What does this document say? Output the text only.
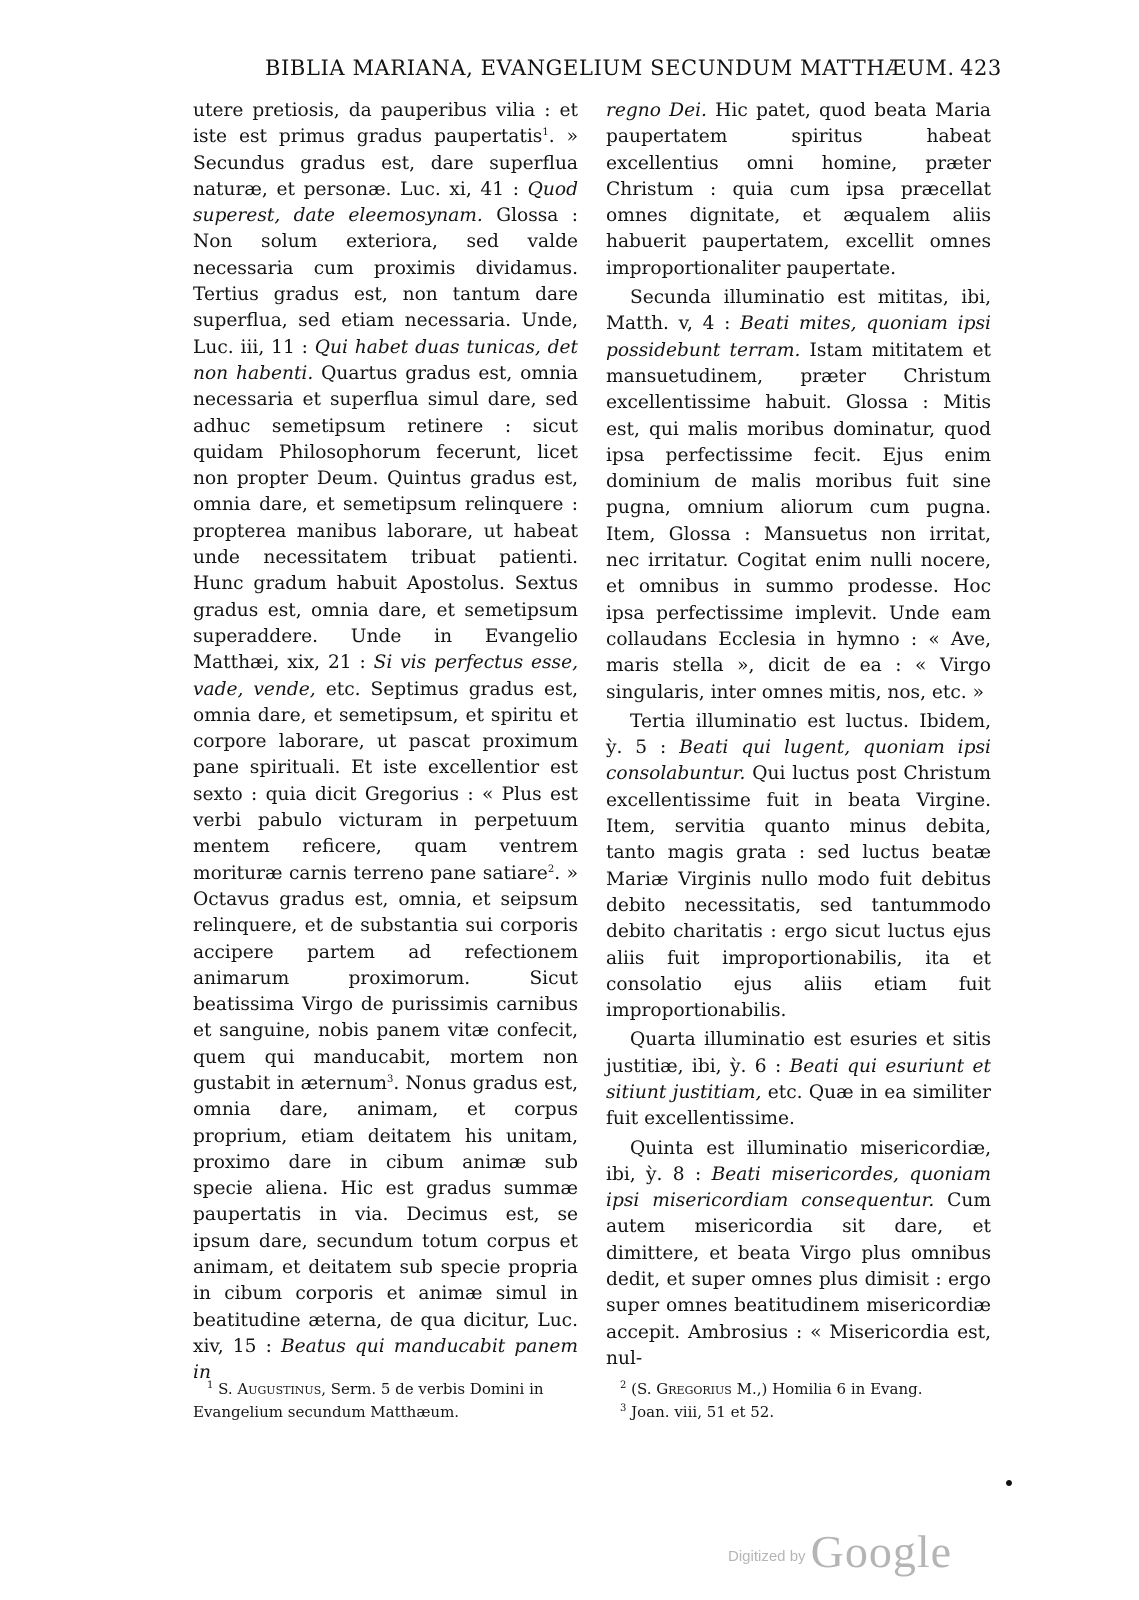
BIBLIA MARIANA, EVANGELIUM SECUNDUM MATTHÆUM. 423

utere pretiosis, da pauperibus vilia : et iste est primus gradus paupertatis$^1$. » Secundus gradus est, dare superflua naturæ, et personæ. Luc. xi, 41 : Quod superest, date eleemosynam. Glossa : Non solum exteriora, sed valde necessaria cum proximis dividamus. Tertius gradus est, non tantum dare superflua, sed etiam necessaria. Unde, Luc. iii, 11 : Qui habet duas tunicas, det non habenti. Quartus gradus est, omnia necessaria et superflua simul dare, sed adhuc semetipsum retinere : sicut quidam Philosophorum fecerunt, licet non propter Deum. Quintus gradus est, omnia dare, et semetipsum relinquere : propterea manibus laborare, ut habeat unde necessitatem tribuat patienti. Hunc gradum habuit Apostolus. Sextus gradus est, omnia dare, et semetipsum superaddere. Unde in Evangelio Matthæi, xix, 21 : Si vis perfectus esse, vade, vende, etc. Septimus gradus est, omnia dare, et semetipsum, et spiritu et corpore laborare, ut pascat proximum pane spirituali. Et iste excellentior est sexto : quia dicit Gregorius : « Plus est verbi pabulo victuram in perpetuum mentem reficere, quam ventrem morituræ carnis terreno pane satiare$^2$. » Octavus gradus est, omnia, et seipsum relinquere, et de substantia sui corporis accipere partem ad refectionem animarum proximorum. Sicut beatissima Virgo de purissimis carnibus et sanguine, nobis panem vitæ confecit, quem qui manducabit, mortem non gustabit in æternum$^3$. Nonus gradus est, omnia dare, animam, et corpus proprium, etiam deitatem his unitam, proximo dare in cibum animæ sub specie aliena. Hic est gradus summæ paupertatis in via. Decimus est, se ipsum dare, secundum totum corpus et animam, et deitatem sub specie propria in cibum corporis et animæ simul in beatitudine æterna, de qua dicitur, Luc. xiv, 15 : Beatus qui manducabit panem in

regno Dei. Hic patet, quod beata Maria paupertatem spiritus habeat excellentius omni homine, præter Christum : quia cum ipsa præcellat omnes dignitate, et æqualem aliis habuerit paupertatem, excellit omnes improportionaliter paupertate.

Secunda illuminatio est mititas, ibi, Matth. v, 4 : Beati mites, quoniam ipsi possidebunt terram. Istam mititatem et mansuetudinem, præter Christum excellentissime habuit. Glossa : Mitis est, qui malis moribus dominatur, quod ipsa perfectissime fecit. Ejus enim dominium de malis moribus fuit sine pugna, omnium aliorum cum pugna. Item, Glossa : Mansuetus non irritat, nec irritatur. Cogitat enim nulli nocere, et omnibus in summo prodesse. Hoc ipsa perfectissime implevit. Unde eam collaudans Ecclesia in hymno : « Ave, maris stella », dicit de ea : « Virgo singularis, inter omnes mitis, nos, etc. »

Tertia illuminatio est luctus. Ibidem, ỳ. 5 : Beati qui lugent, quoniam ipsi consolabuntur. Qui luctus post Christum excellentissime fuit in beata Virgine. Item, servitia quanto minus debita, tanto magis grata : sed luctus beatæ Mariæ Virginis nullo modo fuit debitus debito necessitatis, sed tantummodo debito charitatis : ergo sicut luctus ejus aliis fuit improportionabilis, ita et consolatio ejus aliis etiam fuit improportionabilis.

Quarta illuminatio est esuries et sitis justitiæ, ibi, ỳ. 6 : Beati qui esuriunt et sitiunt justitiam, etc. Quæ in ea similiter fuit excellentissime.

Quinta est illuminatio misericordiæ, ibi, ỳ. 8 : Beati misericordes, quoniam ipsi misericordiam consequentur. Cum autem misericordia sit dare, et dimittere, et beata Virgo plus omnibus dedit, et super omnes plus dimisit : ergo super omnes beatitudinem misericordiæ accepit. Ambrosius : « Misericordia est, nul-

$^1$ S. Augustinus, Serm. 5 de verbis Domini in Evangelium secundum Matthæum.

$^2$ (S. Gregorius M.,) Homilia 6 in Evang.

$^3$ Joan. viii, 51 et 52.

Digitized by Google
